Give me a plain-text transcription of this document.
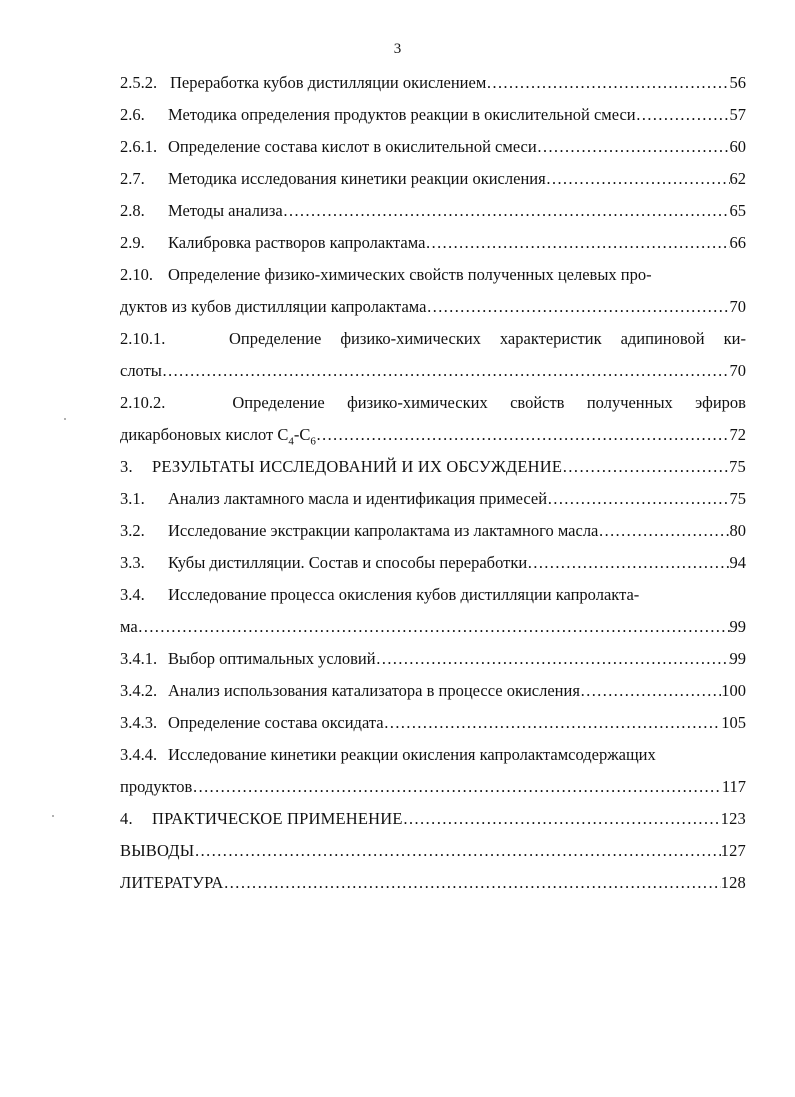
3
2.5.2. Переработка кубов дистилляции окислением ……………………………………………………………………………………………………………………………………………………………………………………………………………………………	56
2.6.	Методика определения продуктов реакции в окислительной смеси ……………………………………………………………………………………………………………………………………………………………………………………………………………………………	57
2.6.1. Определение состава кислот в окислительной смеси ……………………………………………………………………………………………………………………………………………………………………………………………………………………………	60
2.7.	Методика исследования кинетики реакции окисления ……………………………………………………………………………………………………………………………………………………………………………………………………………………………	62
2.8.	Методы анализа ……………………………………………………………………………………………………………………………………………………………………………………………………………………………	65
2.9.	Калибровка растворов капролактама ……………………………………………………………………………………………………………………………………………………………………………………………………………………………	66
2.10. Определение физико-химических свойств полученных целевых про-
дуктов из кубов дистилляции капролактама ……………………………………………………………………………………………………………………………………………………………………………………………………………………………	70
2.10.1.	Определение физико-химических характеристик адипиновой ки-
слоты ……………………………………………………………………………………………………………………………………………………………………………………………………………………………	70
2.10.2.	Определение физико-химических свойств полученных эфиров
дикарбоновых кислот $С_4-С_6$ ……………………………………………………………………………………………………………………………………………………………………………………………………………………………	72
3.	РЕЗУЛЬТАТЫ ИССЛЕДОВАНИЙ И ИХ ОБСУЖДЕНИЕ ……………………………………………………………………………………………………………………………………………………………………………………………………………………………	75
3.1.	Анализ лактамного масла и идентификация примесей ……………………………………………………………………………………………………………………………………………………………………………………………………………………………	75
3.2.	Исследование экстракции капролактама из лактамного масла ……………………………………………………………………………………………………………………………………………………………………………………………………………………………	80
3.3.	Кубы дистилляции. Состав и способы переработки ……………………………………………………………………………………………………………………………………………………………………………………………………………………………	94
3.4. Исследование процесса окисления кубов дистилляции капролакта-
ма ……………………………………………………………………………………………………………………………………………………………………………………………………………………………	99
3.4.1. Выбор оптимальных условий ……………………………………………………………………………………………………………………………………………………………………………………………………………………………	99
3.4.2. Анализ использования катализатора в процессе окисления ……………………………………………………………………………………………………………………………………………………………………………………………………………………………	100
3.4.3. Определение состава оксидата ……………………………………………………………………………………………………………………………………………………………………………………………………………………………	105
3.4.4. Исследование кинетики реакции окисления капролактамсодержащих
продуктов ……………………………………………………………………………………………………………………………………………………………………………………………………………………………	117
4.	ПРАКТИЧЕСКОЕ ПРИМЕНЕНИЕ ……………………………………………………………………………………………………………………………………………………………………………………………………………………………	123
ВЫВОДЫ ……………………………………………………………………………………………………………………………………………………………………………………………………………………………	127
ЛИТЕРАТУРА ……………………………………………………………………………………………………………………………………………………………………………………………………………………………	128
